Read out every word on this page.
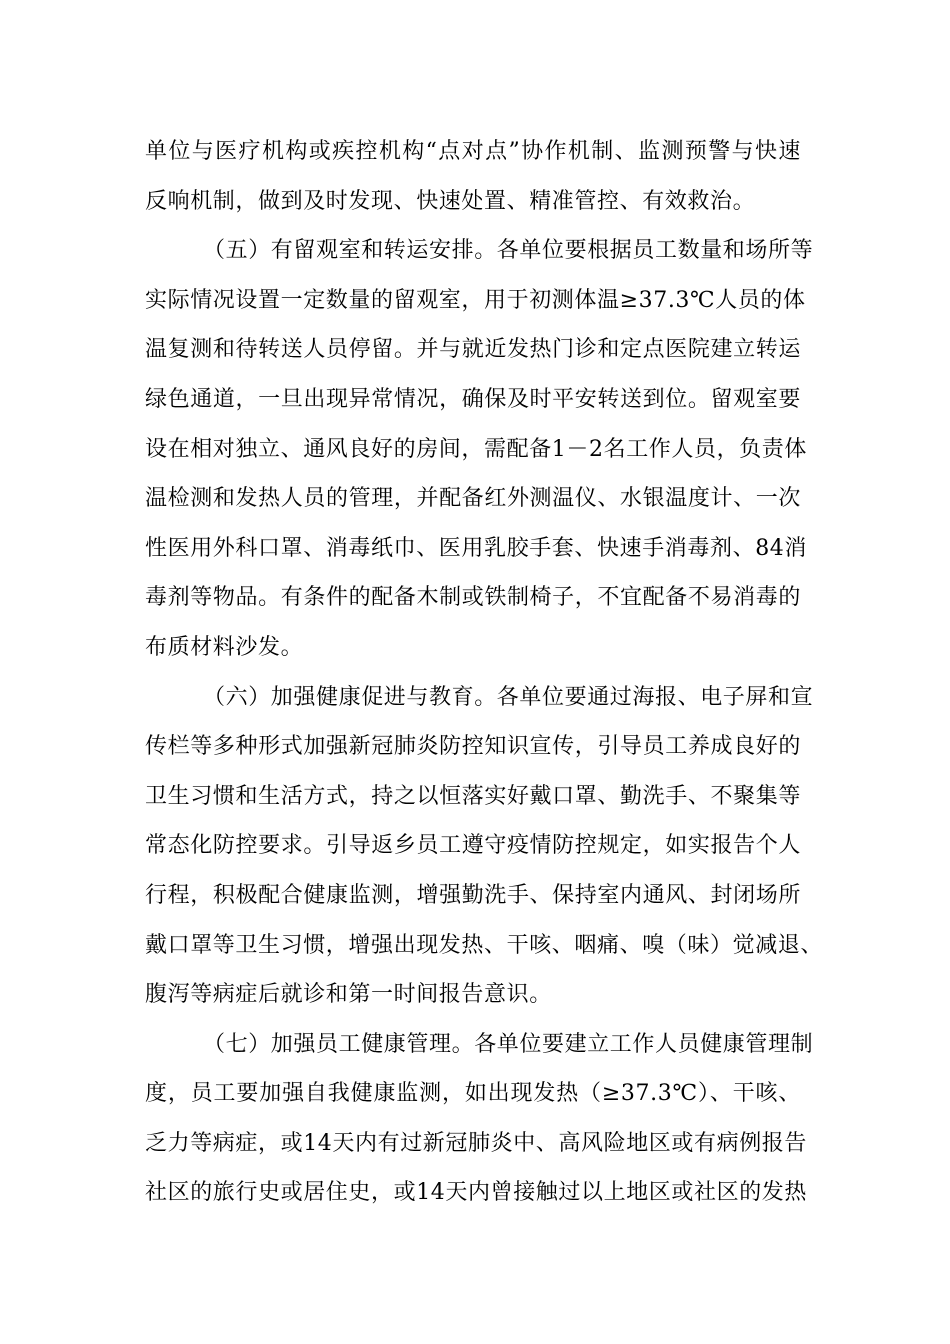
单位与医疗机构或疾控机构“点对点”协作机制、监测预警与快速
反响机制，做到及时发现、快速处置、精准管控、有效救治。
（五）有留观室和转运安排。各单位要根据员工数量和场所等
实际情况设置一定数量的留观室，用于初测体温≥37.3℃人员的体
温复测和待转送人员停留。并与就近发热门诊和定点医院建立转运
绿色通道，一旦出现异常情况，确保及时平安转送到位。留观室要
设在相对独立、通风良好的房间，需配备1－2名工作人员，负责体
温检测和发热人员的管理，并配备红外测温仪、水银温度计、一次
性医用外科口罩、消毒纸巾、医用乳胶手套、快速手消毒剂、84消
毒剂等物品。有条件的配备木制或铁制椅子，不宜配备不易消毒的
布质材料沙发。
（六）加强健康促进与教育。各单位要通过海报、电子屏和宣
传栏等多种形式加强新冠肺炎防控知识宣传，引导员工养成良好的
卫生习惯和生活方式，持之以恒落实好戴口罩、勤洗手、不聚集等
常态化防控要求。引导返乡员工遵守疫情防控规定，如实报告个人
行程，积极配合健康监测，增强勤洗手、保持室内通风、封闭场所
戴口罩等卫生习惯，增强出现发热、干咳、咽痛、嗅（味）觉减退、
腹泻等病症后就诊和第一时间报告意识。
（七）加强员工健康管理。各单位要建立工作人员健康管理制
度，员工要加强自我健康监测，如出现发热（≥37.3℃）、干咳、
乏力等病症，或14天内有过新冠肺炎中、高风险地区或有病例报告
社区的旅行史或居住史，或14天内曾接触过以上地区或社区的发热
